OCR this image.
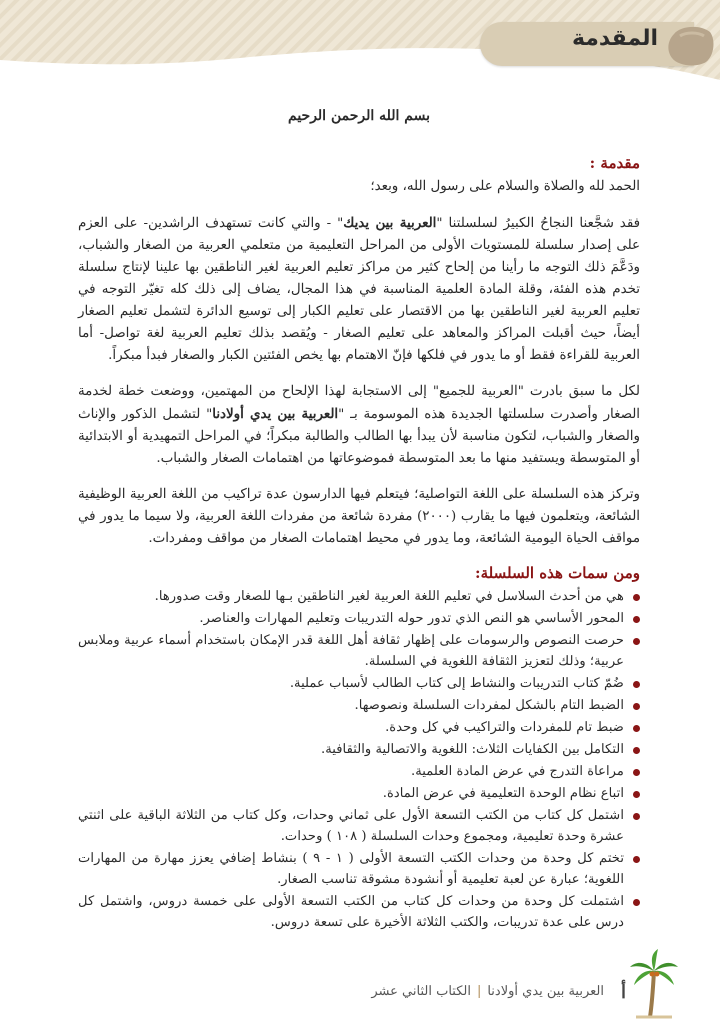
المقدمة
بسم الله الرحمن الرحيم
مقدمة :

الحمد لله والصلاة والسلام على رسول الله، وبعد؛

فقد شجَّعنا النجاحُ الكبيرُ لسلسلتنا "العربية بين يديك" - والتي كانت تستهدف الراشدين- على العزم على إصدار سلسلة للمستويات الأولى من المراحل التعليمية من متعلمي العربية من الصغار والشباب، ودَعَّمَ ذلك التوجه ما رأينا من إلحاح كثير من مراكز تعليم العربية لغير الناطقين بها علينا لإنتاج سلسلة تخدم هذه الفئة، وقلة المادة العلمية المناسبة في هذا المجال، يضاف إلى ذلك كله تغيّر التوجه في تعليم العربية لغير الناطقين بها من الاقتصار على تعليم الكبار إلى توسيع الدائرة لتشمل تعليم الصغار أيضاً، حيث أقبلت المراكز والمعاهد على تعليم الصغار - ويُقصد بذلك تعليم العربية لغة تواصل- أما العربية للقراءة فقط أو ما يدور في فلكها فإنّ الاهتمام بها يخص الفئتين الكبار والصغار فبدأ مبكراً.

لكل ما سبق بادرت "العربية للجميع" إلى الاستجابة لهذا الإلحاح من المهتمين، ووضعت خطة لخدمة الصغار وأصدرت سلسلتها الجديدة هذه الموسومة بـ "العربية بين يدي أولادنا" لتشمل الذكور والإناث والصغار والشباب، لتكون مناسبة لأن يبدأ بها الطالب والطالبة مبكراً؛ في المراحل التمهيدية أو الابتدائية أو المتوسطة ويستفيد منها ما بعد المتوسطة فموضوعاتها من اهتمامات الصغار والشباب.

وتركز هذه السلسلة على اللغة التواصلية؛ فيتعلم فيها الدارسون عدة تراكيب من اللغة العربية الوظيفية الشائعة، ويتعلمون فيها ما يقارب (٢٠٠٠) مفردة شائعة من مفردات اللغة العربية، ولا سيما ما يدور في مواقف الحياة اليومية الشائعة، وما يدور في محيط اهتمامات الصغار من مواقف ومفردات.

ومن سمات هذه السلسلة:
هي من أحدث السلاسل في تعليم اللغة العربية لغير الناطقين بـها للصغار وقت صدورها.
المحور الأساسي هو النص الذي تدور حوله التدريبات وتعليم المهارات والعناصر.
حرصت النصوص والرسومات على إظهار ثقافة أهل اللغة قدر الإمكان باستخدام أسماء عربية وملابس عربية؛ وذلك لتعزيز الثقافة اللغوية في السلسلة.
ضُمّ كتاب التدريبات والنشاط إلى كتاب الطالب لأسباب عملية.
الضبط التام بالشكل لمفردات السلسلة ونصوصها.
ضبط تام للمفردات والتراكيب في كل وحدة.
التكامل بين الكفايات الثلاث: اللغوية والاتصالية والثقافية.
مراعاة التدرج في عرض المادة العلمية.
اتباع نظام الوحدة التعليمية في عرض المادة.
اشتمل كل كتاب من الكتب التسعة الأول على ثماني وحدات، وكل كتاب من الثلاثة الباقية على اثنتي عشرة وحدة تعليمية، ومجموع وحدات السلسلة ( ١٠٨ ) وحدات.
تختم كل وحدة من وحدات الكتب التسعة الأولى ( ١ - ٩ ) بنشاط إضافي يعزز مهارة من المهارات اللغوية؛ عبارة عن لعبة تعليمية أو أنشودة مشوقة تناسب الصغار.
اشتملت كل وحدة من وحدات كل كتاب من الكتب التسعة الأولى على خمسة دروس، واشتمل كل درس على عدة تدريبات، والكتب الثلاثة الأخيرة على تسعة دروس.
أ
العربية بين يدي أولادنا|الكتاب الثاني عشر
